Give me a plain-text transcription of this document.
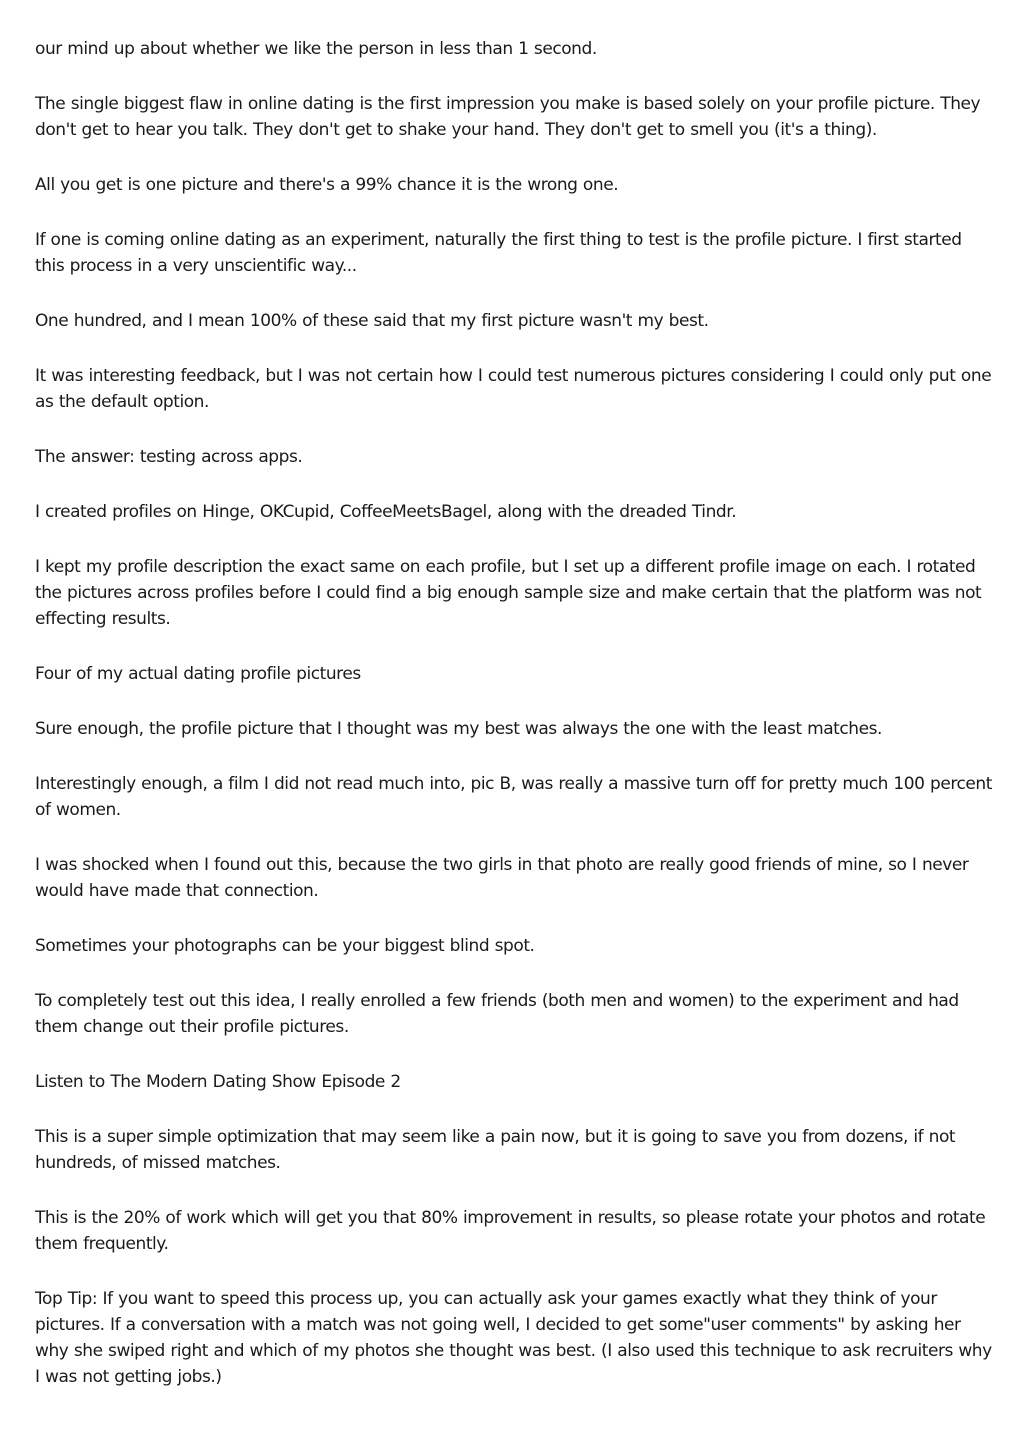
our mind up about whether we like the person in less than 1 second.

The single biggest flaw in online dating is the first impression you make is based solely on your profile picture. They don't get to hear you talk. They don't get to shake your hand. They don't get to smell you (it's a thing).

All you get is one picture and there's a 99% chance it is the wrong one.

If one is coming online dating as an experiment, naturally the first thing to test is the profile picture. I first started this process in a very unscientific way...

One hundred, and I mean 100% of these said that my first picture wasn't my best.

It was interesting feedback, but I was not certain how I could test numerous pictures considering I could only put one as the default option.

The answer: testing across apps.

I created profiles on Hinge, OKCupid, CoffeeMeetsBagel, along with the dreaded Tindr.

I kept my profile description the exact same on each profile, but I set up a different profile image on each. I rotated the pictures across profiles before I could find a big enough sample size and make certain that the platform was not effecting results.

Four of my actual dating profile pictures

Sure enough, the profile picture that I thought was my best was always the one with the least matches.

Interestingly enough, a film I did not read much into, pic B, was really a massive turn off for pretty much 100 percent of women.

I was shocked when I found out this, because the two girls in that photo are really good friends of mine, so I never would have made that connection.

Sometimes your photographs can be your biggest blind spot.

To completely test out this idea, I really enrolled a few friends (both men and women) to the experiment and had them change out their profile pictures.

Listen to The Modern Dating Show Episode 2

This is a super simple optimization that may seem like a pain now, but it is going to save you from dozens, if not hundreds, of missed matches.

This is the 20% of work which will get you that 80% improvement in results, so please rotate your photos and rotate them frequently.

Top Tip: If you want to speed this process up, you can actually ask your games exactly what they think of your pictures. If a conversation with a match was not going well, I decided to get some"user comments" by asking her why she swiped right and which of my photos she thought was best. (I also used this technique to ask recruiters why I was not getting jobs.)
